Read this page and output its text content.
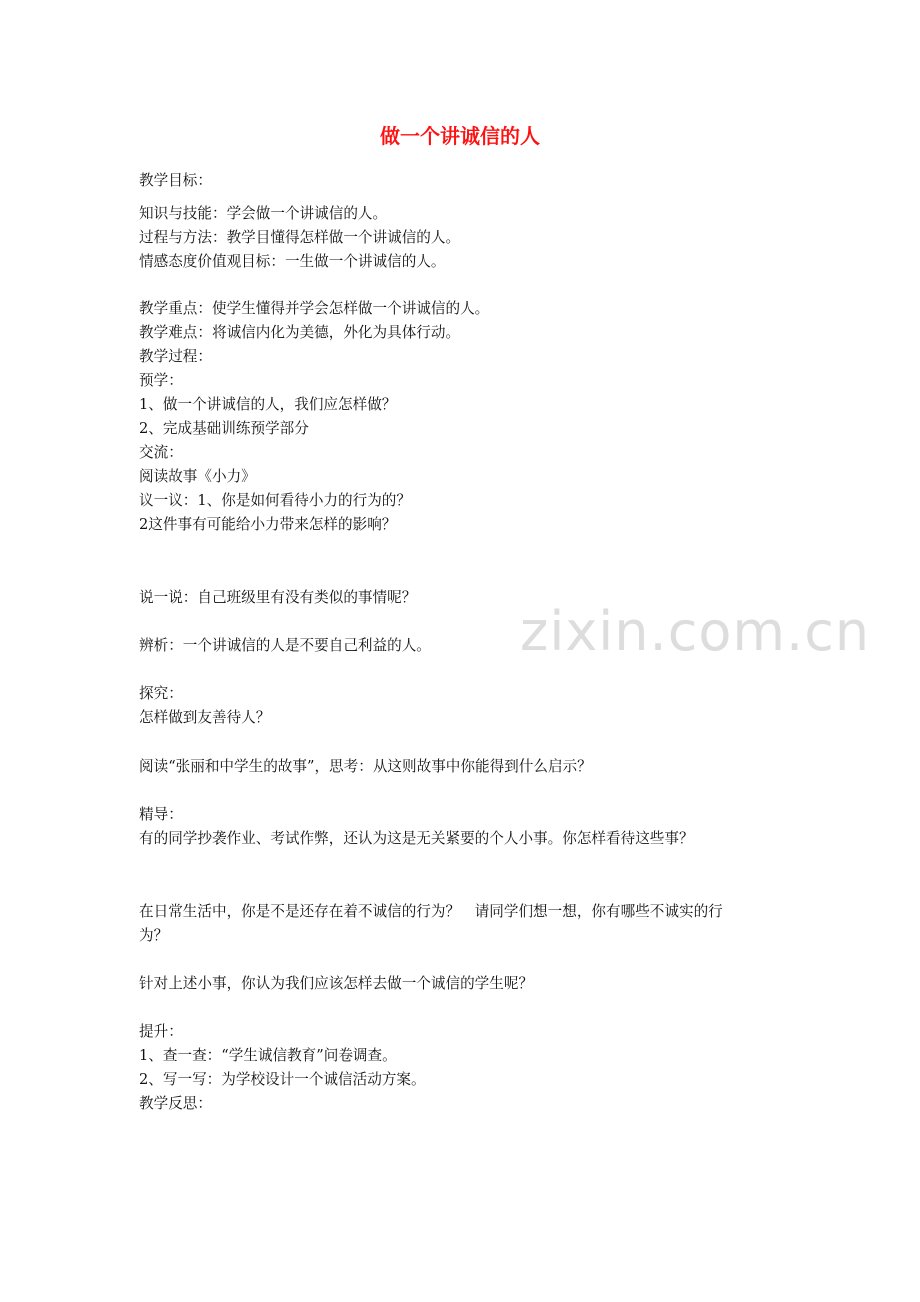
做一个讲诚信的人
教学目标：
知识与技能：学会做一个讲诚信的人。
过程与方法：教学目懂得怎样做一个讲诚信的人。
情感态度价值观目标：一生做一个讲诚信的人。
教学重点：使学生懂得并学会怎样做一个讲诚信的人。
教学难点：将诚信内化为美德，外化为具体行动。
教学过程：
预学：
1、做一个讲诚信的人，我们应怎样做？
2、完成基础训练预学部分
交流：
阅读故事《小力》
议一议：1、你是如何看待小力的行为的？
2这件事有可能给小力带来怎样的影响？
说一说：自己班级里有没有类似的事情呢？
辨析：一个讲诚信的人是不要自己利益的人。
探究：
怎样做到友善待人？
阅读“张丽和中学生的故事”，思考：从这则故事中你能得到什么启示？
精导：
有的同学抄袭作业、考试作弊，还认为这是无关紧要的个人小事。你怎样看待这些事？
在日常生活中，你是不是还存在着不诚信的行为？　请同学们想一想，你有哪些不诚实的行
为？
针对上述小事，你认为我们应该怎样去做一个诚信的学生呢？
提升：
1、查一查：“学生诚信教育”问卷调查。
2、写一写：为学校设计一个诚信活动方案。
教学反思：
zixin.com.cn
